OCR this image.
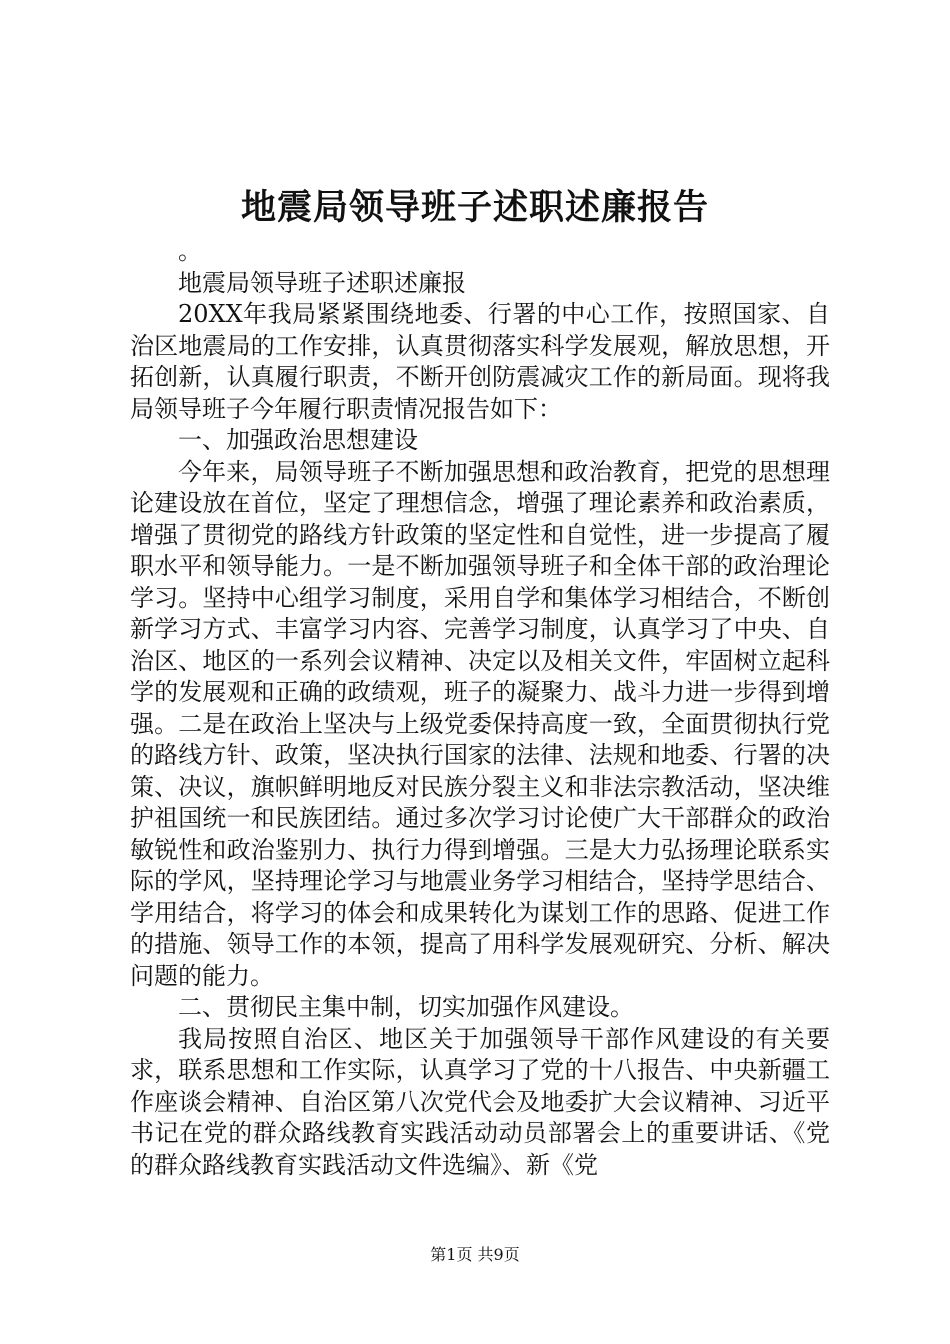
地震局领导班子述职述廉报告

。

地震局领导班子述职述廉报

20XX年我局紧紧围绕地委、行署的中心工作，按照国家、自治区地震局的工作安排，认真贯彻落实科学发展观，解放思想，开拓创新，认真履行职责，不断开创防震减灾工作的新局面。现将我局领导班子今年履行职责情况报告如下：

一、加强政治思想建设

今年来，局领导班子不断加强思想和政治教育，把党的思想理论建设放在首位，坚定了理想信念，增强了理论素养和政治素质，增强了贯彻党的路线方针政策的坚定性和自觉性，进一步提高了履职水平和领导能力。一是不断加强领导班子和全体干部的政治理论学习。坚持中心组学习制度，采用自学和集体学习相结合，不断创新学习方式、丰富学习内容、完善学习制度，认真学习了中央、自治区、地区的一系列会议精神、决定以及相关文件，牢固树立起科学的发展观和正确的政绩观，班子的凝聚力、战斗力进一步得到增强。二是在政治上坚决与上级党委保持高度一致，全面贯彻执行党的路线方针、政策，坚决执行国家的法律、法规和地委、行署的决策、决议，旗帜鲜明地反对民族分裂主义和非法宗教活动，坚决维护祖国统一和民族团结。通过多次学习讨论使广大干部群众的政治敏锐性和政治鉴别力、执行力得到增强。三是大力弘扬理论联系实际的学风，坚持理论学习与地震业务学习相结合，坚持学思结合、学用结合，将学习的体会和成果转化为谋划工作的思路、促进工作的措施、领导工作的本领，提高了用科学发展观研究、分析、解决问题的能力。

二、贯彻民主集中制，切实加强作风建设。

我局按照自治区、地区关于加强领导干部作风建设的有关要求，联系思想和工作实际，认真学习了党的十八报告、中央新疆工作座谈会精神、自治区第八次党代会及地委扩大会议精神、习近平书记在党的群众路线教育实践活动动员部署会上的重要讲话、《党的群众路线教育实践活动文件选编》、新《党

第1页 共9页
